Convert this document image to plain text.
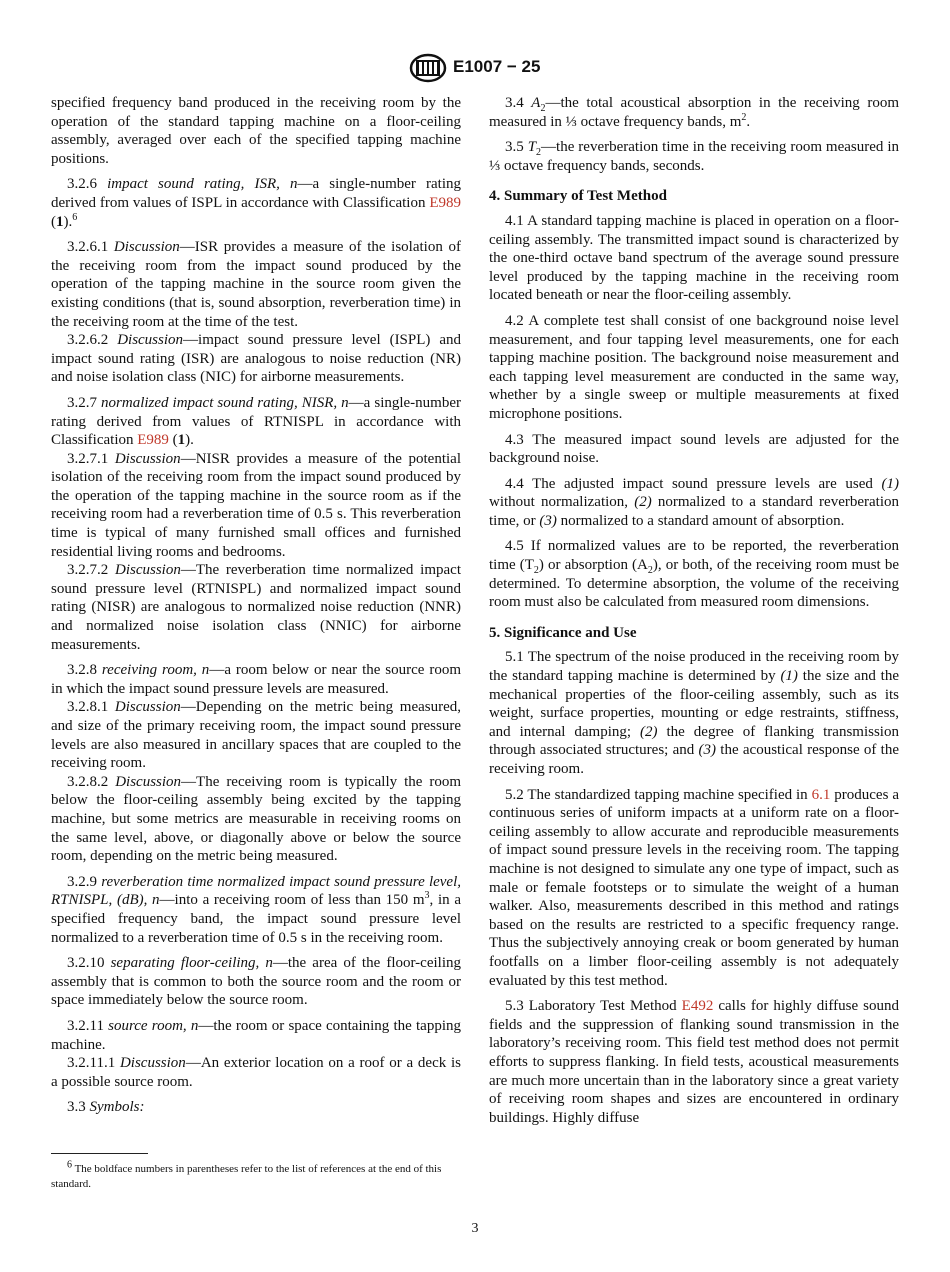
E1007 − 25

specified frequency band produced in the receiving room by the operation of the standard tapping machine on a floor-ceiling assembly, averaged over each of the specified tapping machine positions.

3.2.6 impact sound rating, ISR, n—a single-number rating derived from values of ISPL in accordance with Classification E989 (1).$^6$

3.2.6.1 Discussion—ISR provides a measure of the isolation of the receiving room from the impact sound produced by the operation of the tapping machine in the source room given the existing conditions (that is, sound absorption, reverberation time) in the receiving room at the time of the test.

3.2.6.2 Discussion—impact sound pressure level (ISPL) and impact sound rating (ISR) are analogous to noise reduction (NR) and noise isolation class (NIC) for airborne measurements.

3.2.7 normalized impact sound rating, NISR, n—a single-number rating derived from values of RTNISPL in accordance with Classification E989 (1).

3.2.7.1 Discussion—NISR provides a measure of the potential isolation of the receiving room from the impact sound produced by the operation of the tapping machine in the source room as if the receiving room had a reverberation time of 0.5 s. This reverberation time is typical of many furnished small offices and furnished residential living rooms and bedrooms.

3.2.7.2 Discussion—The reverberation time normalized impact sound pressure level (RTNISPL) and normalized impact sound rating (NISR) are analogous to normalized noise reduction (NNR) and normalized noise isolation class (NNIC) for airborne measurements.

3.2.8 receiving room, n—a room below or near the source room in which the impact sound pressure levels are measured.

3.2.8.1 Discussion—Depending on the metric being measured, and size of the primary receiving room, the impact sound pressure levels are also measured in ancillary spaces that are coupled to the receiving room.

3.2.8.2 Discussion—The receiving room is typically the room below the floor-ceiling assembly being excited by the tapping machine, but some metrics are measurable in receiving rooms on the same level, above, or diagonally above or below the source room, depending on the metric being measured.

3.2.9 reverberation time normalized impact sound pressure level, RTNISPL, (dB), n—into a receiving room of less than 150 $m^3$, in a specified frequency band, the impact sound pressure level normalized to a reverberation time of 0.5 s in the receiving room.

3.2.10 separating floor-ceiling, n—the area of the floor-ceiling assembly that is common to both the source room and the room or space immediately below the source room.

3.2.11 source room, n—the room or space containing the tapping machine.

3.2.11.1 Discussion—An exterior location on a roof or a deck is a possible source room.

3.3 Symbols:

$^6$ The boldface numbers in parentheses refer to the list of references at the end of this standard.

3.4 $A_2—the$ total acoustical absorption in the receiving room measured in ⅓ octave frequency bands, $m^2$.

3.5 $T_2—the$ reverberation time in the receiving room measured in ⅓ octave frequency bands, seconds.

4. Summary of Test Method

4.1 A standard tapping machine is placed in operation on a floor-ceiling assembly. The transmitted impact sound is characterized by the one-third octave band spectrum of the average sound pressure level produced by the tapping machine in the receiving room located beneath or near the floor-ceiling assembly.

4.2 A complete test shall consist of one background noise level measurement, and four tapping level measurements, one for each tapping machine position. The background noise measurement and each tapping level measurement are conducted in the same way, whether by a single sweep or multiple measurements at fixed microphone positions.

4.3 The measured impact sound levels are adjusted for the background noise.

4.4 The adjusted impact sound pressure levels are used (1) without normalization, (2) normalized to a standard reverberation time, or (3) normalized to a standard amount of absorption.

4.5 If normalized values are to be reported, the reverberation time $(T_2)$ or absorption $(A_2)$, or both, of the receiving room must be determined. To determine absorption, the volume of the receiving room must also be calculated from measured room dimensions.

5. Significance and Use

5.1 The spectrum of the noise produced in the receiving room by the standard tapping machine is determined by (1) the size and the mechanical properties of the floor-ceiling assembly, such as its weight, surface properties, mounting or edge restraints, stiffness, and internal damping; (2) the degree of flanking transmission through associated structures; and (3) the acoustical response of the receiving room.

5.2 The standardized tapping machine specified in 6.1 produces a continuous series of uniform impacts at a uniform rate on a floor-ceiling assembly to allow accurate and reproducible measurements of impact sound pressure levels in the receiving room. The tapping machine is not designed to simulate any one type of impact, such as male or female footsteps or to simulate the weight of a human walker. Also, measurements described in this method and ratings based on the results are restricted to a specific frequency range. Thus the subjectively annoying creak or boom generated by human footfalls on a limber floor-ceiling assembly is not adequately evaluated by this test method.

5.3 Laboratory Test Method E492 calls for highly diffuse sound fields and the suppression of flanking sound transmission in the laboratory’s receiving room. This field test method does not permit efforts to suppress flanking. In field tests, acoustical measurements are much more uncertain than in the laboratory since a great variety of receiving room shapes and sizes are encountered in ordinary buildings. Highly diffuse

3
